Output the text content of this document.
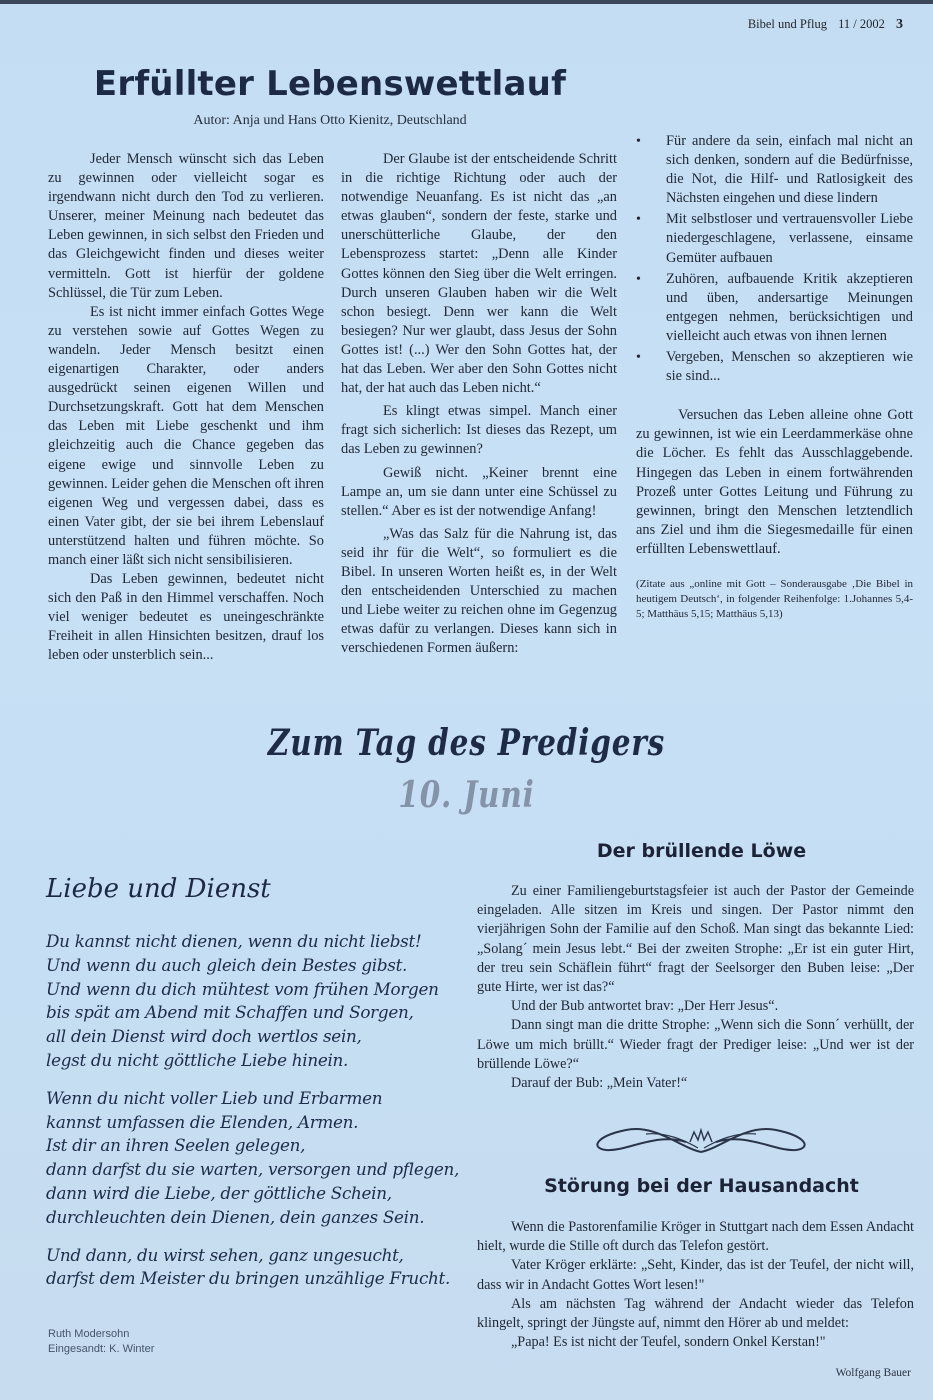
Bibel und Pflug 11 / 2002 3
Erfüllter Lebenswettlauf
Autor: Anja und Hans Otto Kienitz, Deutschland

Jeder Mensch wünscht sich das Leben zu gewinnen oder vielleicht sogar es irgendwann nicht durch den Tod zu verlieren. Unserer, meiner Meinung nach bedeutet das Leben gewinnen, in sich selbst den Frieden und das Gleichgewicht finden und dieses weiter vermitteln. Gott ist hierfür der goldene Schlüssel, die Tür zum Leben.

Es ist nicht immer einfach Gottes Wege zu verstehen sowie auf Gottes Wegen zu wandeln. Jeder Mensch besitzt einen eigenartigen Charakter, oder anders ausgedrückt seinen eigenen Willen und Durchsetzungskraft. Gott hat dem Menschen das Leben mit Liebe geschenkt und ihm gleichzeitig auch die Chance gegeben das eigene ewige und sinnvolle Leben zu gewinnen. Leider gehen die Menschen oft ihren eigenen Weg und vergessen dabei, dass es einen Vater gibt, der sie bei ihrem Lebenslauf unterstützend halten und führen möchte. So manch einer läßt sich nicht sensibilisieren.

Das Leben gewinnen, bedeutet nicht sich den Paß in den Himmel verschaffen. Noch viel weniger bedeutet es uneingeschränkte Freiheit in allen Hinsichten besitzen, drauf los leben oder unsterblich sein...

Der Glaube ist der entscheidende Schritt in die richtige Richtung oder auch der notwendige Neuanfang. Es ist nicht das „an etwas glauben“, sondern der feste, starke und unerschütterliche Glaube, der den Lebensprozess startet: „Denn alle Kinder Gottes können den Sieg über die Welt erringen. Durch unseren Glauben haben wir die Welt schon besiegt. Denn wer kann die Welt besiegen? Nur wer glaubt, dass Jesus der Sohn Gottes ist! (...) Wer den Sohn Gottes hat, der hat das Leben. Wer aber den Sohn Gottes nicht hat, der hat auch das Leben nicht.“

Es klingt etwas simpel. Manch einer fragt sich sicherlich: Ist dieses das Rezept, um das Leben zu gewinnen?

Gewiß nicht. „Keiner brennt eine Lampe an, um sie dann unter eine Schüssel zu stellen.“ Aber es ist der notwendige Anfang!

„Was das Salz für die Nahrung ist, das seid ihr für die Welt“, so formuliert es die Bibel. In unseren Worten heißt es, in der Welt den entscheidenden Unterschied zu machen und Liebe weiter zu reichen ohne im Gegenzug etwas dafür zu verlangen. Dieses kann sich in verschiedenen Formen äußern:

• Für andere da sein, einfach mal nicht an sich denken, sondern auf die Bedürfnisse, die Not, die Hilf- und Ratlosigkeit des Nächsten eingehen und diese lindern
• Mit selbstloser und vertrauensvoller Liebe niedergeschlagene, verlassene, einsame Gemüter aufbauen
• Zuhören, aufbauende Kritik akzeptieren und üben, andersartige Meinungen entgegen nehmen, berücksichtigen und vielleicht auch etwas von ihnen lernen
• Vergeben, Menschen so akzeptieren wie sie sind...

Versuchen das Leben alleine ohne Gott zu gewinnen, ist wie ein Leerdammerkäse ohne die Löcher. Es fehlt das Ausschlaggebende. Hingegen das Leben in einem fortwährenden Prozeß unter Gottes Leitung und Führung zu gewinnen, bringt den Menschen letztendlich ans Ziel und ihm die Siegesmedaille für einen erfüllten Lebenswettlauf.

(Zitate aus „online mit Gott – Sonderausgabe ‚Die Bibel in heutigem Deutsch‘, in folgender Reihenfolge: 1.Johannes 5,4-5; Matthäus 5,15; Matthäus 5,13)

Zum Tag des Predigers
10. Juni
Liebe und Dienst
Du kannst nicht dienen, wenn du nicht liebst!
Und wenn du auch gleich dein Bestes gibst.
Und wenn du dich mühtest vom frühen Morgen
bis spät am Abend mit Schaffen und Sorgen,
all dein Dienst wird doch wertlos sein,
legst du nicht göttliche Liebe hinein.
Wenn du nicht voller Lieb und Erbarmen
kannst umfassen die Elenden, Armen.
Ist dir an ihren Seelen gelegen,
dann darfst du sie warten, versorgen und pflegen,
dann wird die Liebe, der göttliche Schein,
durchleuchten dein Dienen, dein ganzes Sein.
Und dann, du wirst sehen, ganz ungesucht,
darfst dem Meister du bringen unzählige Frucht.
Ruth Modersohn
Eingesandt: K. Winter
Der brüllende Löwe

Zu einer Familiengeburtstagsfeier ist auch der Pastor der Gemeinde eingeladen. Alle sitzen im Kreis und singen. Der Pastor nimmt den vierjährigen Sohn der Familie auf den Schoß. Man singt das bekannte Lied: „Solang´ mein Jesus lebt.“ Bei der zweiten Strophe: „Er ist ein guter Hirt, der treu sein Schäflein führt“ fragt der Seelsorger den Buben leise: „Der gute Hirte, wer ist das?“

Und der Bub antwortet brav: „Der Herr Jesus“.

Dann singt man die dritte Strophe: „Wenn sich die Sonn´ verhüllt, der Löwe um mich brüllt.“ Wieder fragt der Prediger leise: „Und wer ist der brüllende Löwe?“

Darauf der Bub: „Mein Vater!“

Störung bei der Hausandacht

Wenn die Pastorenfamilie Kröger in Stuttgart nach dem Essen Andacht hielt, wurde die Stille oft durch das Telefon gestört.

Vater Kröger erklärte: „Seht, Kinder, das ist der Teufel, der nicht will, dass wir in Andacht Gottes Wort lesen!"

Als am nächsten Tag während der Andacht wieder das Telefon klingelt, springt der Jüngste auf, nimmt den Hörer ab und meldet:

„Papa! Es ist nicht der Teufel, sondern Onkel Kerstan!"

Wolfgang Bauer
